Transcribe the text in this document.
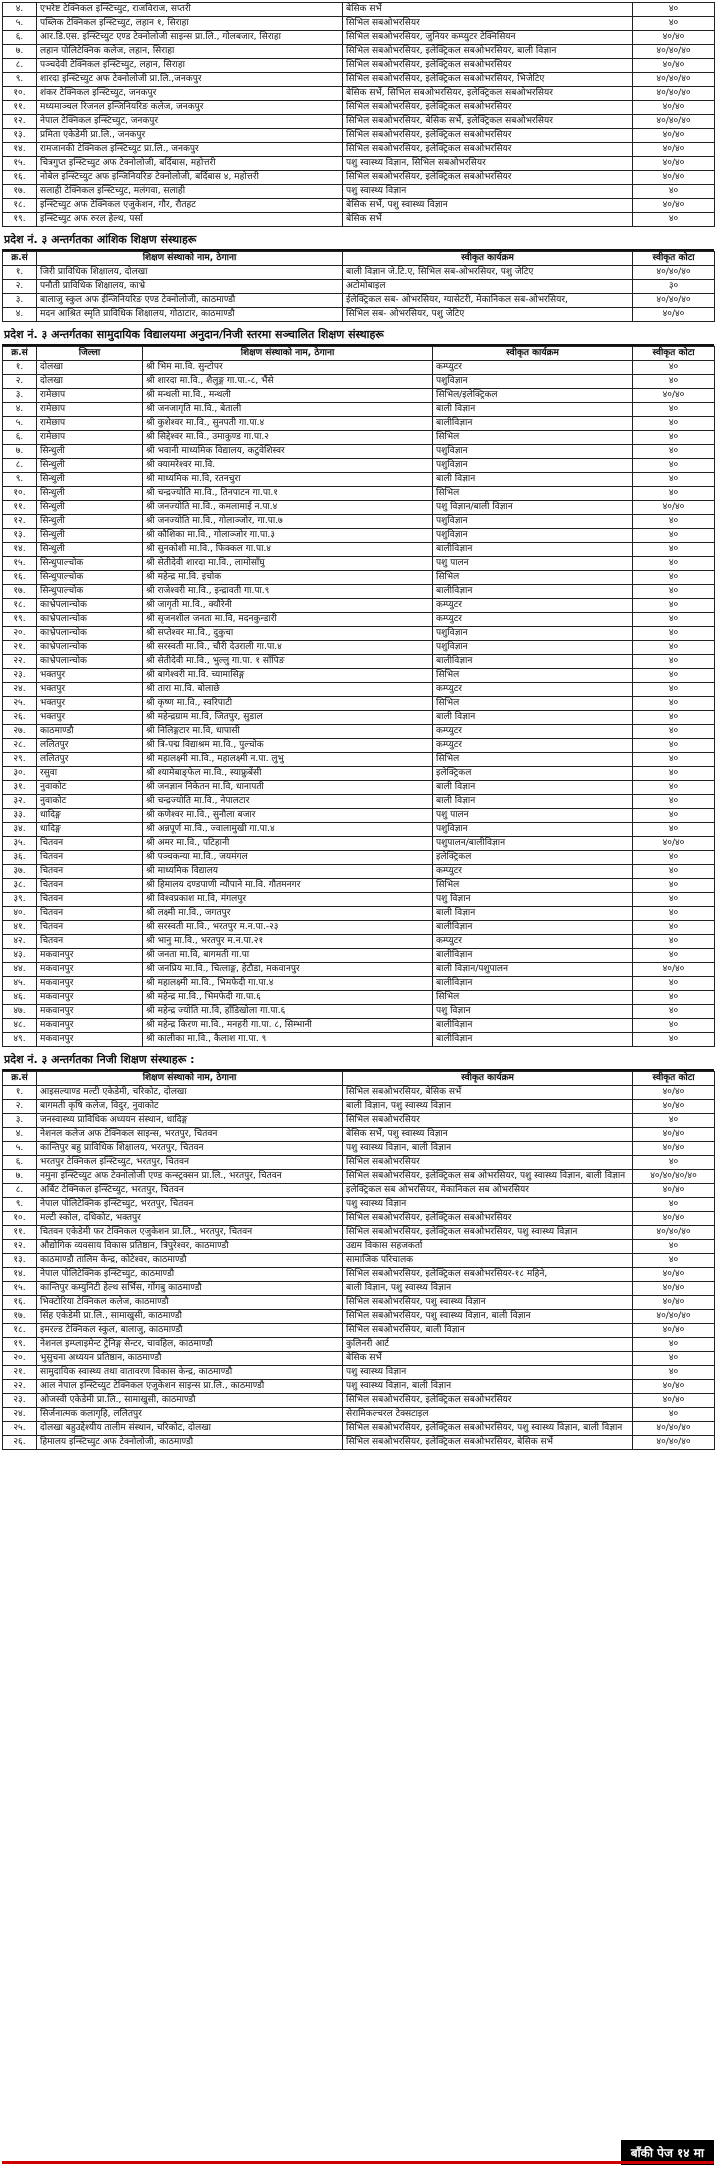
४.	एभरेष्ट टेक्निकल इन्स्टिच्युट, राजविराज, सप्तरी	बेसिक सर्भे	४०
५.	पब्लिक टेक्निकल इन्स्टिच्युट, लहान १, सिराहा	सिभिल सबओभरसियर	४०
६.	आर.डि.एस. इन्स्टिच्युट एण्ड टेक्नोलोजी साइन्स प्रा.लि., गोलबजार, सिराहा	सिभिल सबओभरसियर, जुनियर कम्प्युटर टेक्निसियन	४०/४०
७.	लहान पोलिटेक्निक कलेज, लहान, सिराहा	सिभिल सबओभरसियर, इलेक्ट्रिकल सबओभरसियर, बाली विज्ञान	४०/४०/४०
८.	पञ्चदेवी टेक्निकल इन्स्टिच्युट, लहान, सिराहा	सिभिल सबओभरसियर, इलेक्ट्रिकल सबओभरसियर	४०/४०
९.	शारदा इन्स्टिच्युट अफ टेक्नोलोजी प्रा.लि.,जनकपुर	सिभिल सबओभरसियर, इलेक्ट्रिकल सबओभरसियर, भिजेटिए	४०/४०/४०
१०.	शंकर टेक्निकल इन्स्टिच्युट, जनकपुर	बेसिक सर्भे, सिभिल सबओभरसियर, इलेक्ट्रिकल सबओभरसियर	४०/४०/४०
११.	मध्यमाञ्चल रिजनल इन्जिनियरिङ कलेज, जनकपुर	सिभिल सबओभरसियर, इलेक्ट्रिकल सबओभरसियर	४०/४०
१२.	नेपाल टेक्निकल इन्स्टिच्युट, जनकपुर	सिभिल सबओभरसियर, बेसिक सर्भे, इलेक्ट्रिकल सबओभरसियर	४०/४०/४०
१३.	प्रमिता एकेडेमी प्रा.लि., जनकपुर	सिभिल सबओभरसियर, इलेक्ट्रिकल सबओभरसियर	४०/४०
१४.	रामजानकी टेक्निकल इन्स्टिच्युट प्रा.लि., जनकपुर	सिभिल सबओभरसियर, इलेक्ट्रिकल सबओभरसियर	४०/४०
१५.	चित्रगुप्त इन्स्टिच्युट अफ टेक्नोलोजी, बर्दिबास, महोत्तरी	पशु स्वास्थ्य विज्ञान, सिभिल सबओभरसियर	४०/४०
१६.	नोबेल इन्स्टिच्युट अफ इन्जिनियरिङ टेक्नोलोजी, बर्दिबास ४, महोत्तरी	सिभिल सबओभरसियर, इलेक्ट्रिकल सबओभरसियर	४०/४०
१७.	सलाही टेक्निकल इन्स्टिच्युट, मलंगवा, सलाही	पशु स्वास्थ्य विज्ञान	४०
१८.	इन्स्टिच्युट अफ टेक्निकल एजुकेशन, गौर, रौतहट	बेसिक सर्भे, पशु स्वास्थ्य विज्ञान	४०/४०
१९.	इन्स्टिच्युट अफ रुरल हेल्थ, पर्सा	बेसिक सर्भे	४०
प्रदेश नं. ३ अन्तर्गतका आंशिक शिक्षण संस्थाहरू
क्र.सं	शिक्षण संस्थाको नाम, ठेगाना	स्वीकृत कार्यक्रम	स्वीकृत कोटा
१.	जिरी प्राविधिक शिक्षालय, दोलखा	बाली विज्ञान जे.टि.ए, सिभिल सब-ओभरसियर, पशु जेटिए	४०/४०/४०
२.	पनौती प्राविधिक शिक्षालय, काभ्रे	अटोमोबाइल	३०
३.	बालाजु स्कुल अफ ईन्जिनियरिङ एण्ड टेक्नोलोजी, काठमाण्डौ	ईलेक्ट्रिकल सब- ओभरसियर, ग्यासेटरी, मेकानिकल सब-ओभरसियर,	४०/४०/४०
४.	मदन आश्रित स्मृति प्राविधिक शिक्षालय, गोठाटार, काठमाण्डौ	सिभिल सब- ओभरसियर, पशु जेटिए	४०/४०
प्रदेश नं. ३ अन्तर्गतका सामुदायिक विद्यालयमा अनुदान/निजी स्तरमा सञ्चालित शिक्षण संस्थाहरू
क्र.सं	जिल्ला	शिक्षण संस्थाको नाम, ठेगाना	स्वीकृत कार्यक्रम	स्वीकृत कोटा
१.	दोलखा	श्री भिम मा.वि. सुन्टोपर	कम्प्युटर	४०
२.	दोलखा	श्री शारदा मा.वि., शैलुङ्ग गा.पा.-८, भैंसे	पशुविज्ञान	४०
३.	रामेछाप	श्री मन्थली मा.वि., मन्थली	सिभिल/इलेक्ट्रिकल	४०/४०
४.	रामेछाप	श्री जनजागृति मा.वि., बेताली	बाली विज्ञान	४०
५.	रामेछाप	श्री कुशेश्वर मा.वि., सुनपती गा.पा.४	बालीविज्ञान	४०
६.	रामेछाप	श्री सिद्देश्वर मा.वि., उमाकुण्ड गा.पा.२	सिभिल	४०
७.	सिन्धुली	श्री भवानी माध्यमिक विद्यालय, कटुवेशिस्वर	पशुविज्ञान	४०
८.	सिन्धुली	श्री क्यामरेश्वर मा.वि.	पशुविज्ञान	४०
९.	सिन्धुली	श्री माध्यमिक मा.वि, रतनचुरा	बाली विज्ञान	४०
१०.	सिन्धुली	श्री चन्द्रज्योति मा.वि., तिनपाटन गा.पा.१	सिभिल	४०
११.	सिन्धुली	श्री जनज्योति मा.वि., कमलामाई न.पा.४	पशु विज्ञान/बाली विज्ञान	४०/४०
१२.	सिन्धुली	श्री जनज्योति मा.वि., गोलाञ्जोर, गा.पा.७	पशुविज्ञान	४०
१३.	सिन्धुली	श्री कौशिका मा.वि., गोलाञ्जोर गा.पा.३	पशुविज्ञान	४०
१४.	सिन्धुली	श्री सुनकोशी मा.वि., फिक्कल गा.पा.४	बालीविज्ञान	४०
१५.	सिन्धुपाल्चोक	श्री सेतीदेवी शारदा मा.वि., लामोसाँघु	पशु पालन	४०
१६.	सिन्धुपाल्चोक	श्री महेन्द्र मा.वि. इचोक	सिभिल	४०
१७.	सिन्धुपाल्चोक	श्री राजेश्वरी मा.वि., इन्द्रावती गा.पा.९	बालीविज्ञान	४०
१८.	काभ्रेपलान्चोक	श्री जागृती मा.वि., क्यौरेनी	कम्प्युटर	४०
१९.	काभ्रेपलान्चोक	श्री सृजनशील जनता मा.वि, मदनकुन्डारी	कम्प्युटर	४०
२०.	काभ्रेपलान्चोक	श्री सप्तेश्वर मा.वि., दुकुचा	पशुविज्ञान	४०
२१.	काभ्रेपलान्चोक	श्री सरस्वती मा.वि., चौरी देउराली गा.पा.४	पशुविज्ञान	४०
२२.	काभ्रेपलान्चोक	श्री सेतीदेवी मा.वि., भुल्लु गा.पा. १ साँपिङ	बालीविज्ञान	४०
२३.	भक्तपुर	श्री बागेश्वरी मा.वि. च्यामासिङ्ग	सिभिल	४०
२४.	भक्तपुर	श्री तारा मा.वि. बोलाछे	कम्प्युटर	४०
२५.	भक्तपुर	श्री कृष्ण मा.वि., स्वरिपाटी	सिभिल	४०
२६.	भक्तपुर	श्री महेन्द्रग्राम मा.वि, जितपुर, सुडाल	बाली विज्ञान	४०
२७.	काठमाण्डौ	श्री निलिङ्गटार मा.वि, धापासी	कम्प्युटर	४०
२८.	ललितपुर	श्री त्रि-पद्म विद्याश्रम मा.वि., पुल्चोक	कम्प्युटर	४०
२९.	ललितपुर	श्री महालक्ष्मी मा.वि., महालक्ष्मी न.पा. लुभु	सिभिल	४०
३०.	रसुवा	श्री श्यामेबाङ्फेल मा.वि., स्याफ्रुबेंसी	इलेक्ट्रिकल	४०
३१.	नुवाकोट	श्री जनज्ञान निकेतन मा.वि, धानापती	बाली विज्ञान	४०
३२.	नुवाकोट	श्री चन्द्रज्योति मा.वि., नेपालटार	बाली विज्ञान	४०
३३.	धादिङ्ग	श्री कणेश्वर मा.वि., सुनौला बजार	पशु पालन	४०
३४.	धादिङ्ग	श्री अन्नपूर्ण मा.वि., ज्वालामुखी गा.पा.४	पशुविज्ञान	४०
३५.	चितवन	श्री अमर मा.वि., पटिहानी	पशुपालन/बालीविज्ञान	४०/४०
३६.	चितवन	श्री पञ्चकन्या मा.वि., जयमंगल	इलेक्ट्रिकल	४०
३७.	चितवन	श्री माध्यमिक विद्यालय	कम्प्युटर	४०
३८.	चितवन	श्री हिमालय दण्डपाणी न्यौपाने मा.वि. गौतमनगर	सिभिल	४०
३९.	चितवन	श्री विश्वप्रकाश मा.वि, मंगलपुर	पशु विज्ञान	४०
४०.	चितवन	श्री लक्ष्मी मा.वि., जगतपुर	बाली विज्ञान	४०
४१.	चितवन	श्री सरस्वती मा.वि., भरतपुर म.न.पा.-२३	बालीविज्ञान	४०
४२.	चितवन	श्री भानु मा.वि., भरतपुर म.न.पा.२१	कम्प्युटर	४०
४३.	मकवानपुर	श्री जनता मा.वि, बागमती गा.पा	बालीविज्ञान	४०
४४.	मकवानपुर	श्री जनप्रिय मा.वि., चित्लाङ्ग, हेटौडा, मकवानपुर	बाली विज्ञान/पशुपालन	४०/४०
४५.	मकवानपुर	श्री महालक्ष्मी मा.वि., भिमफेदी गा.पा.४	बालीविज्ञान	४०
४६.	मकवानपुर	श्री महेन्द्र मा.वि., भिमफेदी गा.पा.६	सिभिल	४०
४७.	मकवानपुर	श्री महेन्द्र ज्योति मा.वि, हाँडिखोला गा.पा.६	पशु विज्ञान	४०
४८.	मकवानपुर	श्री महेन्द्र किरण मा.वि., मनहरी गा.पा. ८, सिम्भानी	बालीविज्ञान	४०
४९.	मकवानपुर	श्री कालीका मा.वि., कैलाश गा.पा. ९	बालीविज्ञान	४०
प्रदेश नं. ३ अन्तर्गतका निजी शिक्षण संस्थाहरू :
क्र.सं	शिक्षण संस्थाको नाम, ठेगाना	स्वीकृत कार्यक्रम	स्वीकृत कोटा
१.	आइसल्याण्ड मल्टी एकेडेमी, चरिकोट, दोलखा	सिभिल सबओभरसियर, बेसिक सर्भे	४०/४०
२.	बागमती कृषि कलेज, विदुर, नुवाकोट	बाली विज्ञान, पशु स्वास्थ्य विज्ञान	४०/४०
३.	जनस्वास्थ्य प्राविधिक अध्ययन संस्थान, धादिङ्ग	सिभिल सबओभरसियर	४०
४.	नेशनल कलेज अफ टेक्निकल साइन्स, भरतपुर, चितवन	बेसिक सर्भे, पशु स्वास्थ्य विज्ञान	४०/४०
५.	कान्तिपुर बहु प्राविधिक शिक्षालय, भरतपुर, चितवन	पशु स्वास्थ्य विज्ञान, बाली विज्ञान	४०/४०
६.	भरतपुर टेक्निकल इन्स्टिच्युट, भरतपुर, चितवन	सिभिल सबओभरसियर	४०
७.	नमुना इन्स्टिच्युट अफ टेक्नोलोजी एण्ड कन्स्ट्रक्सन प्रा.लि., भरतपुर, चितवन	सिभिल सबओभरसियर, इलेक्ट्रिकल सब ओभरसियर, पशु स्वास्थ्य विज्ञान, बाली विज्ञान	४०/४०/४०/४०
८.	अर्बिट टेक्निकल इन्स्टिच्युट, भरतपुर, चितवन	इलेक्ट्रिकल सब ओभरसियर, मेकानिकल सब ओभरसियर	४०/४०
९.	नेपाल पोलिटेक्निक इन्स्टिच्युट, भरतपुर, चितवन	पशु स्वास्थ्य विज्ञान	४०
१०.	मल्टी स्कोल, दधिकोट, भक्तपुर	सिभिल सबओभरसियर, इलेक्ट्रिकल सबओभरसियर	४०/४०
११.	चितवन एकेडेमी फर टेक्निकल एजुकेशन प्रा.लि., भरतपुर, चितवन	सिभिल सबओभरसियर, इलेक्ट्रिकल सबओभरसियर, पशु स्वास्थ्य विज्ञान	४०/४०/४०
१२.	औद्योगिक व्यवसाय विकास प्रतिष्ठान, त्रिपुरेश्वर, काठमाण्डौ	उद्यम विकास सहजकर्ता	४०
१३.	काठमाण्डौ तालिम केन्द्र, कोटेश्वर, काठमाण्डौ	सामाजिक परिचालक	४०
१४.	नेपाल पोलिटेक्निक इन्स्टिच्युट, काठमाण्डौ	सिभिल सबओभरसियर, इलेक्ट्रिकल सबओभरसियर-१८ महिने,	४०/४०
१५.	कान्तिपुर कम्युनिटी हेल्थ सर्भिस, गोंगबु काठमाण्डौ	बाली विज्ञान, पशु स्वास्थ्य विज्ञान	४०/४०
१६.	भिक्टोरिया टेक्निकल कलेज, काठमाण्डौ	सिभिल सबओभरसियर, पशु स्वास्थ्य विज्ञान	४०/४०
१७.	सिंह एकेडेमी प्रा.लि., सामाखुसी, काठमाण्डौ	सिभिल सबओभरसियर, पशु स्वास्थ्य विज्ञान, बाली विज्ञान	४०/४०/४०
१८.	इमरल्ड टेक्निकल स्कुल, बालाजु, काठमाण्डौ	सिभिल सबओभरसियर, बाली विज्ञान	४०/४०
१९.	नेशनल इम्प्लाइमेन्ट ट्रेनिङ्ग सेन्टर, चावहिल, काठमाण्डौ	कुलिनरी आर्ट	४०
२०.	भुसुचना अध्ययन प्रतिष्ठान, काठमाण्डौ	बेसिक सर्भे	४०
२१.	सामुदायिक स्वास्थ्य तथा वातावरण विकास केन्द्र, काठमाण्डौ	पशु स्वास्थ्य विज्ञान	४०
२२.	आल नेपाल इन्स्टिच्युट टेक्निकल एजुकेशन साइन्स प्रा.लि., काठमाण्डौ	पशु स्वास्थ्य विज्ञान, बाली विज्ञान	४०/४०
२३.	ओजस्वी एकेडेमी प्रा.लि., सामाखुसी, काठमाण्डौ	सिभिल सबओभरसियर, इलेक्ट्रिकल सबओभरसियर	४०/४०
२४.	सिर्जनात्मक कलागृहि, ललितपुर	सेरामिकल्चरल टेक्सटाइल	४०
२५.	दोलखा बहुउद्देश्यीय तालीम संस्थान, चरिकोट, दोलखा	सिभिल सबओभरसियर, इलेक्ट्रिकल सबओभरसियर, पशु स्वास्थ्य विज्ञान, बाली विज्ञान	४०/४०/४०
२६.	हिमालय इन्स्टिच्युट अफ टेक्नोलोजी, काठमाण्डौ	सिभिल सबओभरसियर, इलेक्ट्रिकल सबओभरसियर, बेसिक सर्भे	४०/४०/४०
बाँकी पेज १४ मा
